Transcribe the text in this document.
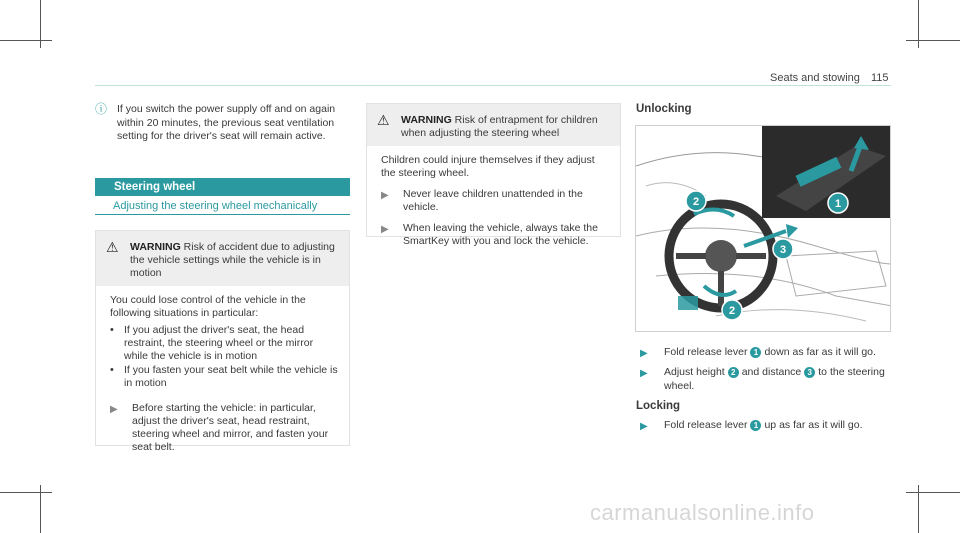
Seats and stowing 115
ⓘ If you switch the power supply off and on again within 20 minutes, the previous seat ventilation setting for the driver's seat will remain active.
Steering wheel
Adjusting the steering wheel mechanically
⚠	WARNING Risk of accident due to adjusting the vehicle settings while the vehicle is in motion

You could lose control of the vehicle in the following situations in particular:

• If you adjust the driver's seat, the head restraint, the steering wheel or the mirror while the vehicle is in motion
• If you fasten your seat belt while the vehicle is in motion
▶	Before starting the vehicle: in particular, adjust the driver's seat, head restraint, steering wheel and mirror, and fasten your seat belt.
⚠	WARNING Risk of entrapment for children when adjusting the steering wheel

Children could injure themselves if they adjust the steering wheel.

▶	Never leave children unattended in the vehicle.
▶	When leaving the vehicle, always take the SmartKey with you and lock the vehicle.
Unlocking
1
2
3
2
▶	Fold release lever 1 down as far as it will go.
▶	Adjust height 2 and distance 3 to the steering wheel.
Locking
▶	Fold release lever 1 up as far as it will go.
carmanualsonline.info
